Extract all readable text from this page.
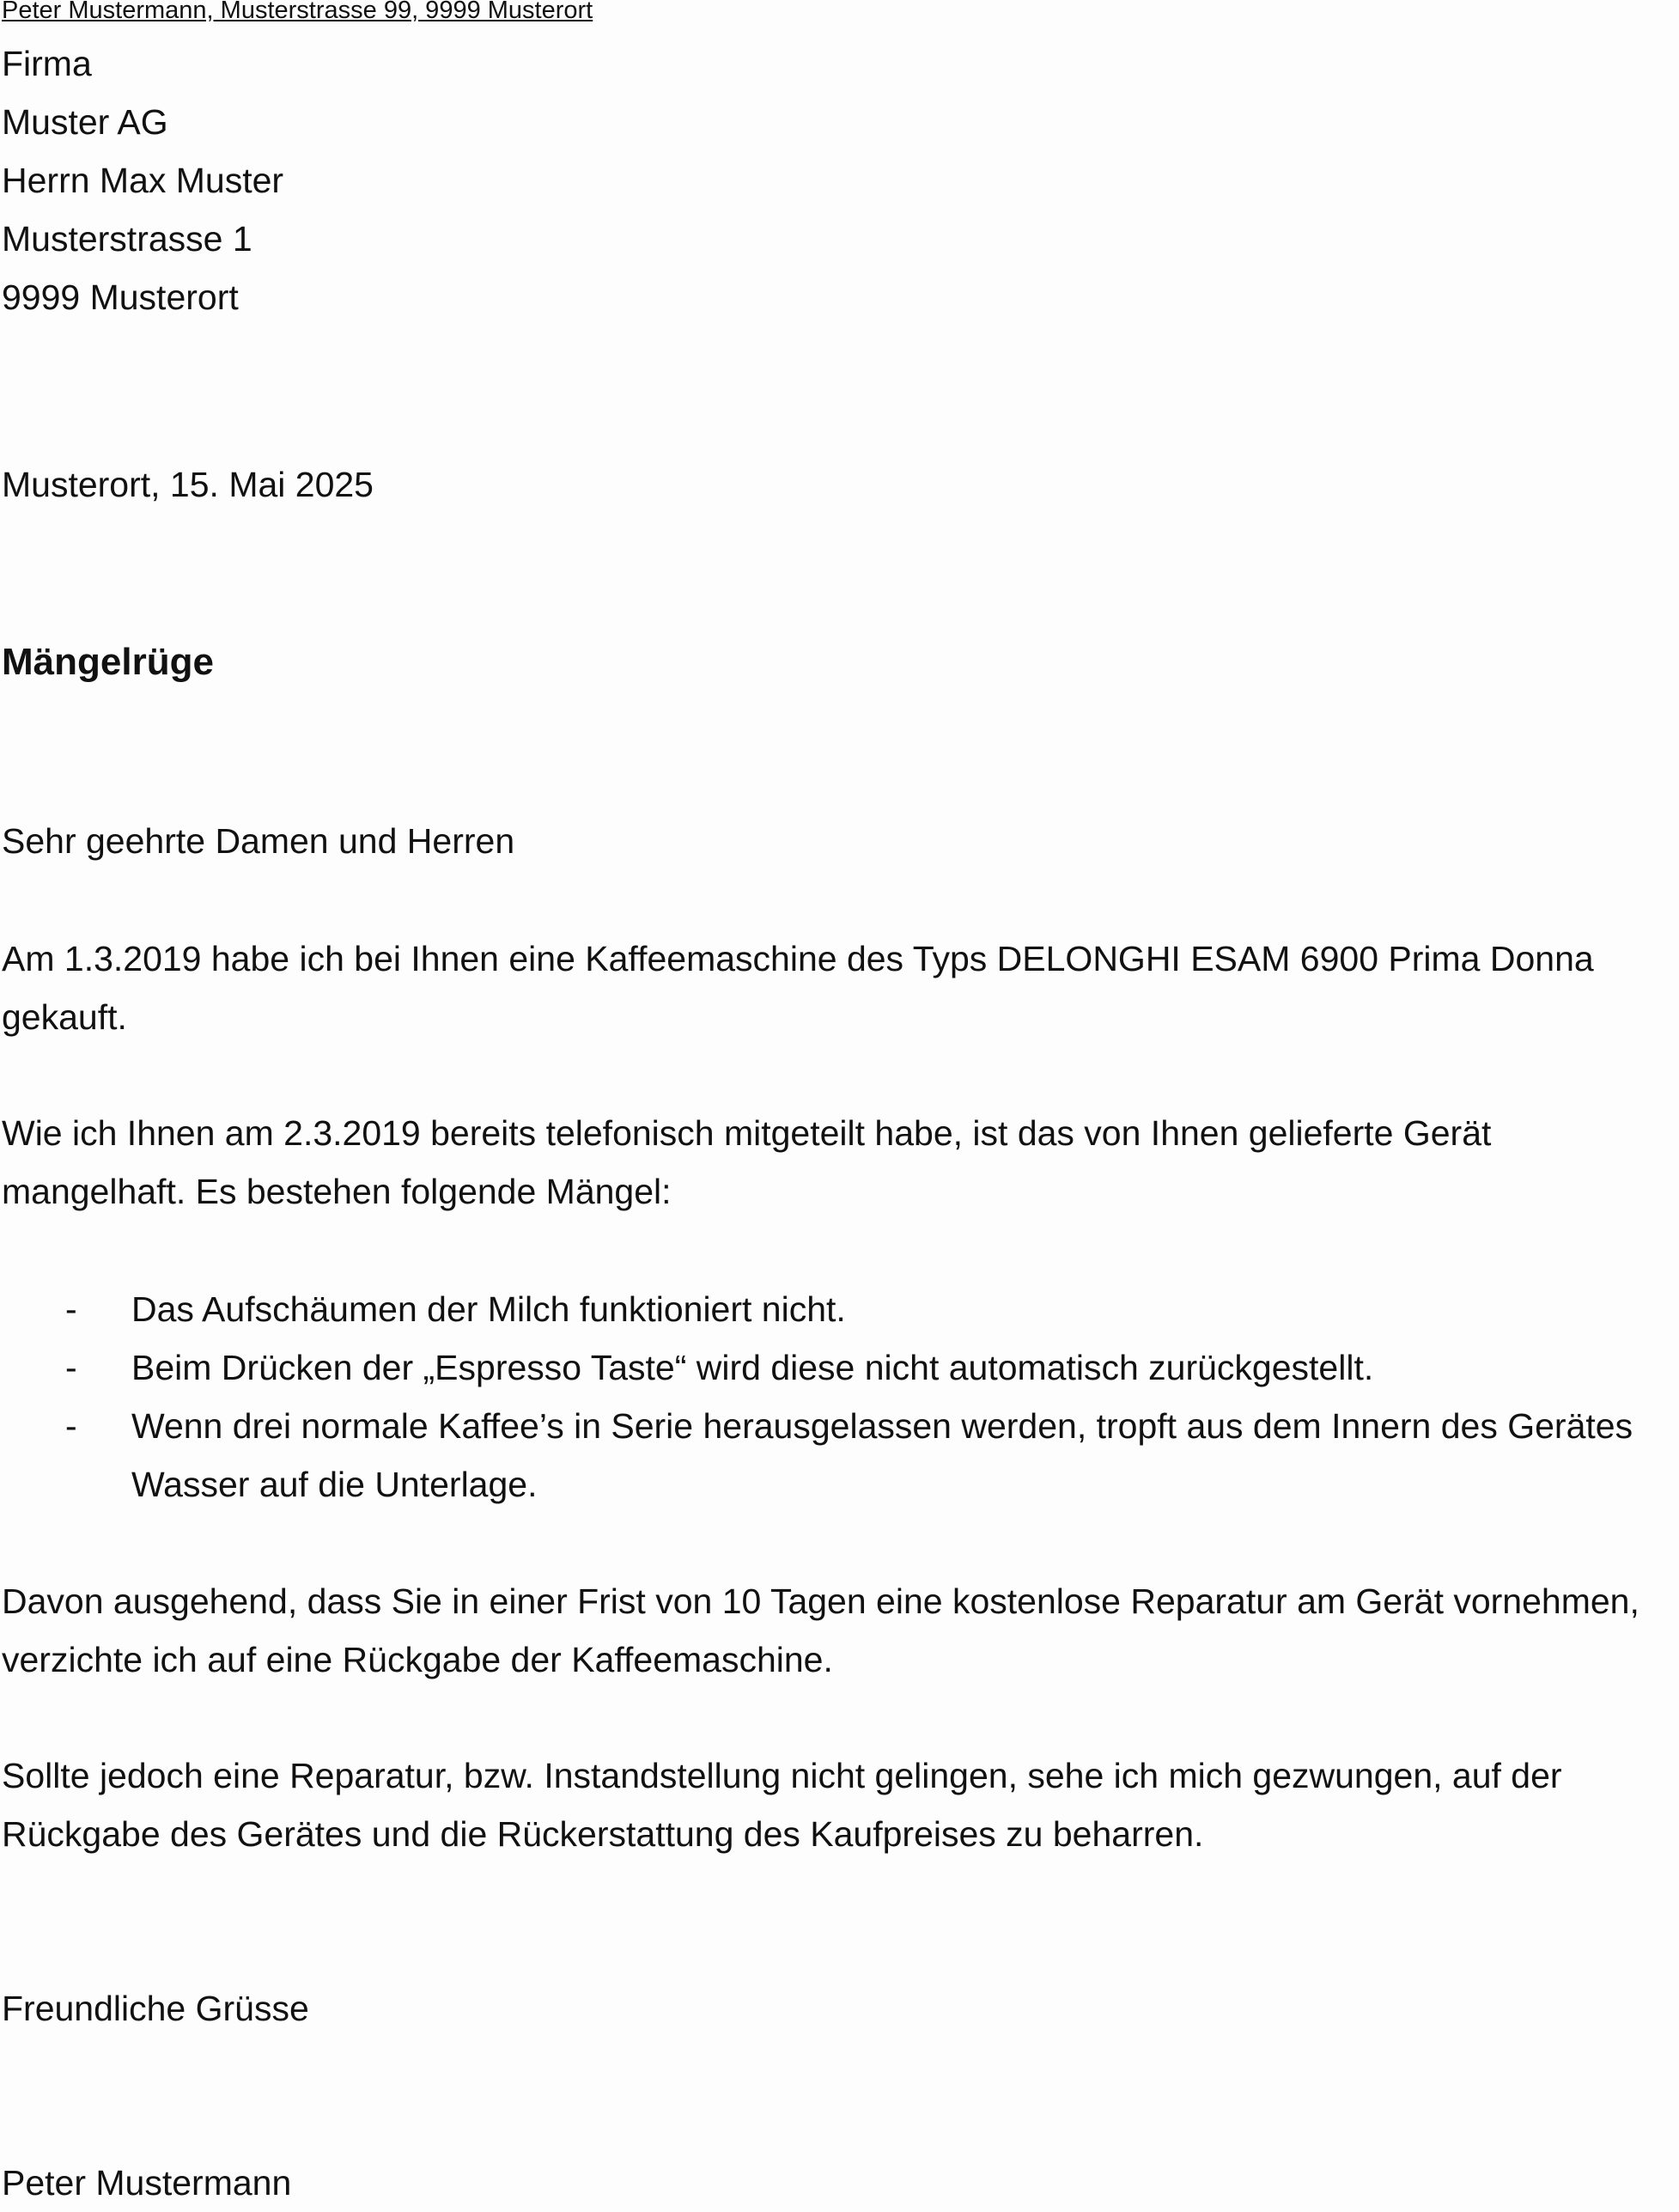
Peter Mustermann, Musterstrasse 99, 9999 Musterort
Firma
Muster AG
Herrn Max Muster
Musterstrasse 1
9999 Musterort
Musterort, 15. Mai 2025
Mängelrüge
Sehr geehrte Damen und Herren
Am 1.3.2019 habe ich bei Ihnen eine Kaffeemaschine des Typs DELONGHI ESAM 6900 Prima Donna gekauft.
Wie ich Ihnen am 2.3.2019 bereits telefonisch mitgeteilt habe, ist das von Ihnen gelieferte Gerät mangelhaft. Es bestehen folgende Mängel:
- Das Aufschäumen der Milch funktioniert nicht.
- Beim Drücken der „Espresso Taste“ wird diese nicht automatisch zurückgestellt.
- Wenn drei normale Kaffee’s in Serie herausgelassen werden, tropft aus dem Innern des Gerätes Wasser auf die Unterlage.
Davon ausgehend, dass Sie in einer Frist von 10 Tagen eine kostenlose Reparatur am Gerät vornehmen, verzichte ich auf eine Rückgabe der Kaffeemaschine.
Sollte jedoch eine Reparatur, bzw. Instandstellung nicht gelingen, sehe ich mich gezwungen, auf der Rückgabe des Gerätes und die Rückerstattung des Kaufpreises zu beharren.
Freundliche Grüsse
Peter Mustermann
